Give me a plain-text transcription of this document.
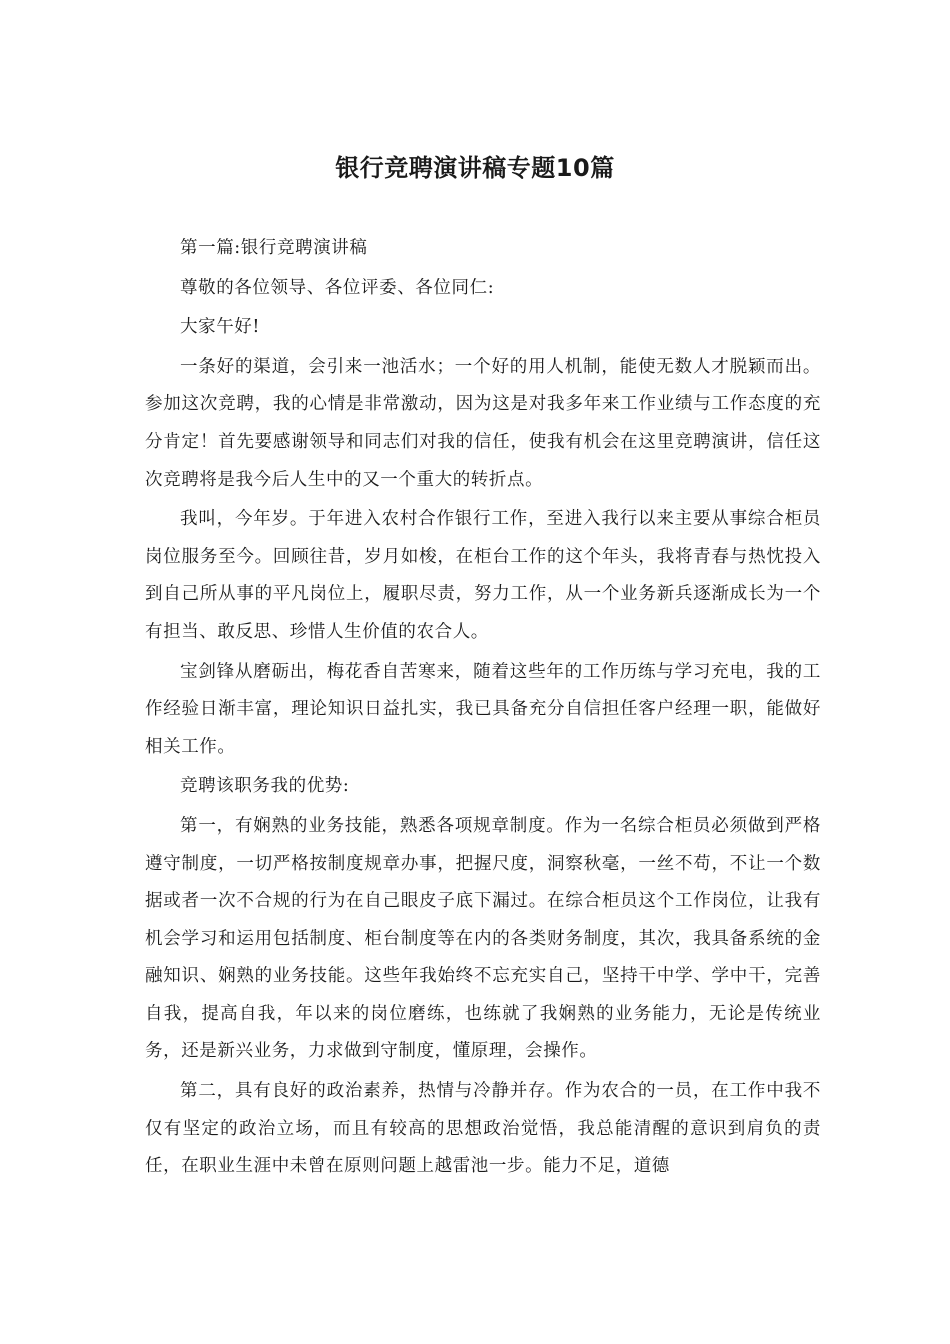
银行竞聘演讲稿专题10篇

第一篇:银行竞聘演讲稿

尊敬的各位领导、各位评委、各位同仁:

大家午好!

一条好的渠道，会引来一池活水；一个好的用人机制，能使无数人才脱颖而出。参加这次竞聘，我的心情是非常激动，因为这是对我多年来工作业绩与工作态度的充分肯定！首先要感谢领导和同志们对我的信任，使我有机会在这里竞聘演讲，信任这次竞聘将是我今后人生中的又一个重大的转折点。

我叫，今年岁。于年进入农村合作银行工作，至进入我行以来主要从事综合柜员岗位服务至今。回顾往昔，岁月如梭，在柜台工作的这个年头，我将青春与热忱投入到自己所从事的平凡岗位上，履职尽责，努力工作，从一个业务新兵逐渐成长为一个有担当、敢反思、珍惜人生价值的农合人。

宝剑锋从磨砺出，梅花香自苦寒来，随着这些年的工作历练与学习充电，我的工作经验日渐丰富，理论知识日益扎实，我已具备充分自信担任客户经理一职，能做好相关工作。

竞聘该职务我的优势:

第一，有娴熟的业务技能，熟悉各项规章制度。作为一名综合柜员必须做到严格遵守制度，一切严格按制度规章办事，把握尺度，洞察秋毫，一丝不苟，不让一个数据或者一次不合规的行为在自己眼皮子底下漏过。在综合柜员这个工作岗位，让我有机会学习和运用包括制度、柜台制度等在内的各类财务制度，其次，我具备系统的金融知识、娴熟的业务技能。这些年我始终不忘充实自己，坚持干中学、学中干，完善自我，提高自我，年以来的岗位磨练，也练就了我娴熟的业务能力，无论是传统业务，还是新兴业务，力求做到守制度，懂原理，会操作。

第二，具有良好的政治素养，热情与冷静并存。作为农合的一员，在工作中我不仅有坚定的政治立场，而且有较高的思想政治觉悟，我总能清醒的意识到肩负的责任，在职业生涯中未曾在原则问题上越雷池一步。能力不足，道德
